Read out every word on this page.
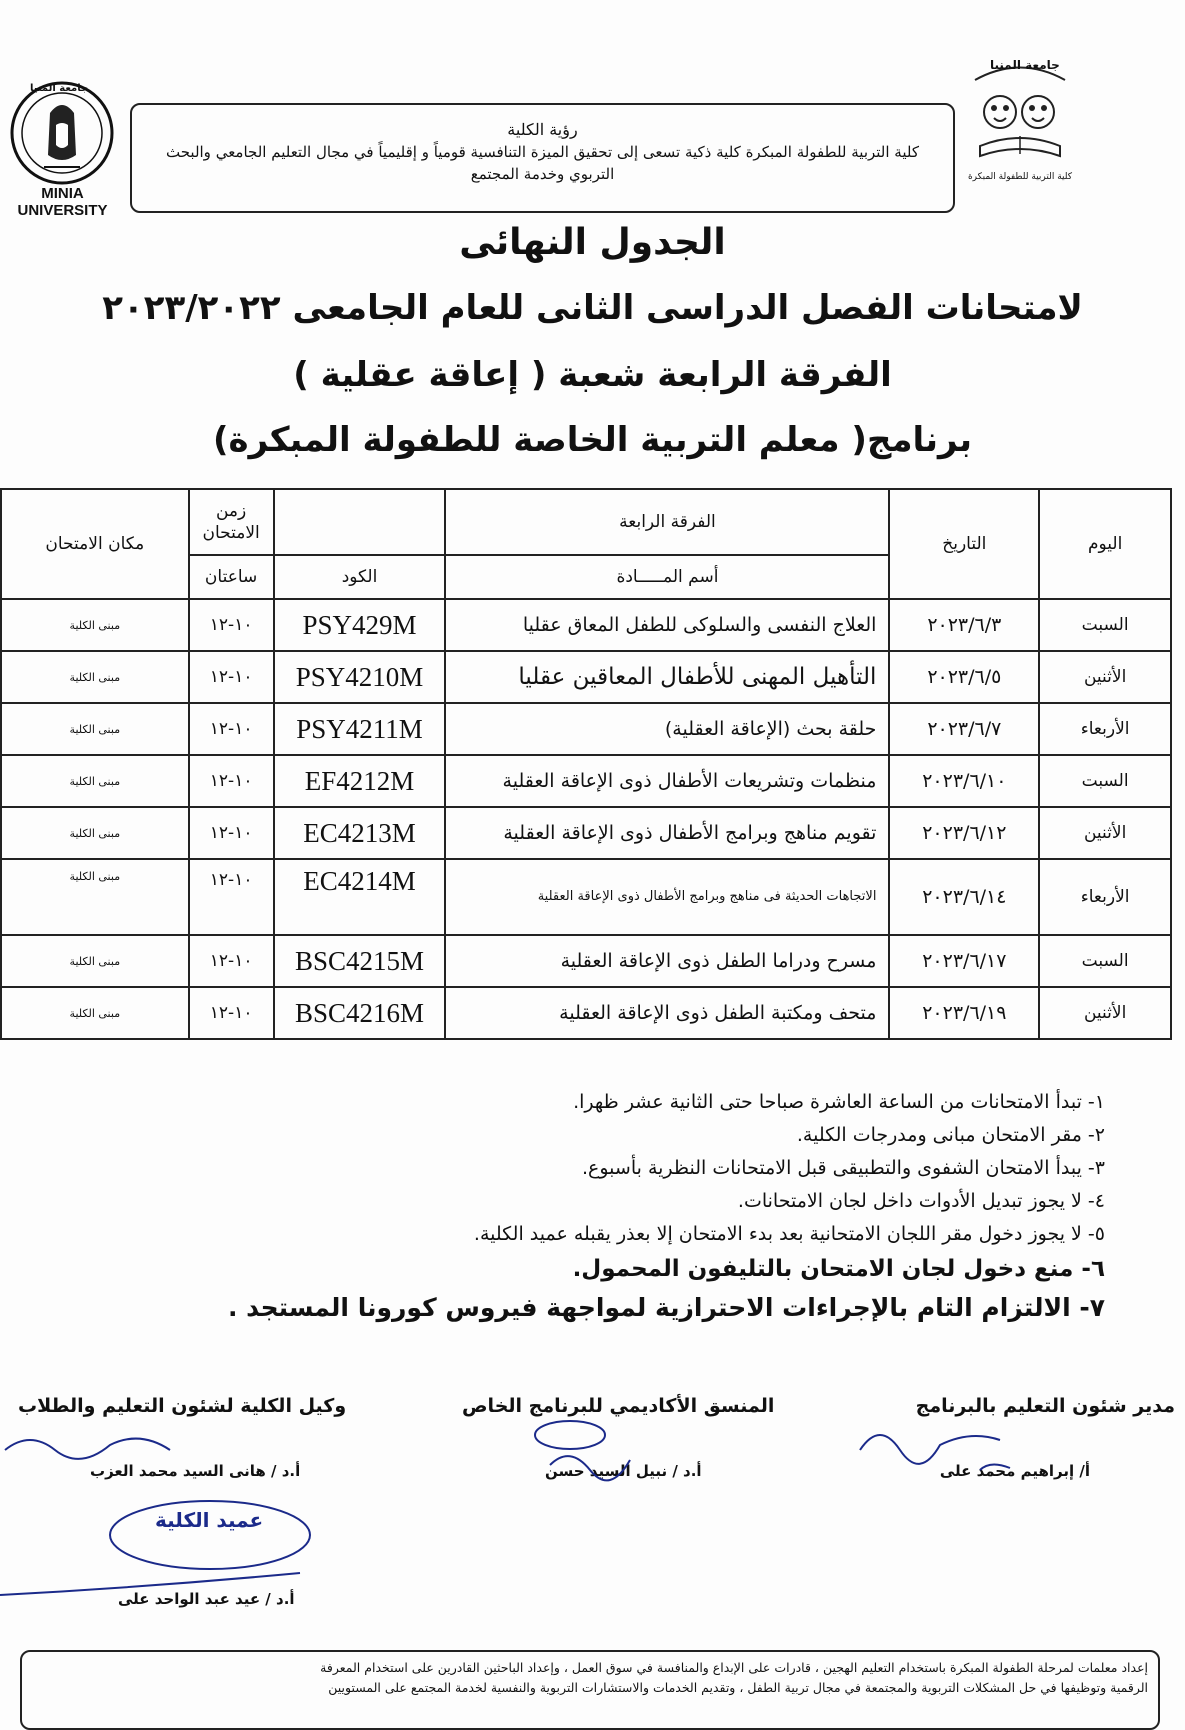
جامعة المنيا
MINIA UNIVERSITY
جامعة المنيا
كلية التربية للطفولة المبكرة
رؤية الكلية
كلية التربية للطفولة المبكرة كلية ذكية تسعى إلى تحقيق الميزة التنافسية قومياً و إقليمياً في مجال التعليم الجامعي والبحث
التربوي وخدمة المجتمع
الجدول النهائى
لامتحانات الفصل الدراسى الثانى للعام الجامعى ٢٠٢٣/٢٠٢٢
الفرقة الرابعة شعبة ( إعاقة عقلية )
برنامج( معلم التربية الخاصة للطفولة المبكرة)
اليوم	التاريخ	الفرقة الرابعة		زمن الامتحان	مكان الامتحان
		أسم المـــــادة	الكود	ساعتان	
السبت	٢٠٢٣/٦/٣	العلاج النفسى والسلوكى للطفل المعاق عقليا	PSY429M	١٠-١٢	مبنى الكلية
الأثنين	٢٠٢٣/٦/٥	التأهيل المهنى للأطفال المعاقين عقليا	PSY4210M	١٠-١٢	مبنى الكلية
الأربعاء	٢٠٢٣/٦/٧	حلقة بحث (الإعاقة العقلية)	PSY4211M	١٠-١٢	مبنى الكلية
السبت	٢٠٢٣/٦/١٠	منظمات وتشريعات الأطفال ذوى الإعاقة العقلية	EF4212M	١٠-١٢	مبنى الكلية
الأثنين	٢٠٢٣/٦/١٢	تقويم مناهج وبرامج الأطفال ذوى الإعاقة العقلية	EC4213M	١٠-١٢	مبنى الكلية
الأربعاء	٢٠٢٣/٦/١٤	الاتجاهات الحديثة فى مناهج وبرامج الأطفال ذوى الإعاقة العقلية	EC4214M	١٠-١٢	مبنى الكلية
السبت	٢٠٢٣/٦/١٧	مسرح ودراما الطفل ذوى الإعاقة العقلية	BSC4215M	١٠-١٢	مبنى الكلية
الأثنين	٢٠٢٣/٦/١٩	متحف ومكتبة الطفل ذوى الإعاقة العقلية	BSC4216M	١٠-١٢	مبنى الكلية
١- تبدأ الامتحانات من الساعة العاشرة صباحا حتى الثانية عشر ظهرا.
٢- مقر الامتحان مبانى ومدرجات الكلية.
٣- يبدأ الامتحان الشفوى والتطبيقى قبل الامتحانات النظرية بأسبوع.
٤- لا يجوز تبديل الأدوات داخل لجان الامتحانات.
٥- لا يجوز دخول مقر اللجان الامتحانية بعد بدء الامتحان إلا بعذر يقبله عميد الكلية.
٦- منع دخول لجان الامتحان بالتليفون المحمول.
٧- الالتزام التام بالإجراءات الاحترازية لمواجهة فيروس كورونا المستجد .
مدير شئون التعليم بالبرنامج
أ/ إبراهيم محمد على
المنسق الأكاديمي للبرنامج الخاص
أ.د / نبيل السيد حسن
وكيل الكلية لشئون التعليم والطلاب
أ.د / هانى السيد محمد العزب
عميد الكلية
أ.د / عيد عبد الواحد على
إعداد معلمات لمرحلة الطفولة المبكرة باستخدام التعليم الهجين ، قادرات على الإبداع والمنافسة في سوق العمل ، وإعداد الباحثين القادرين على استخدام المعرفة
الرقمية وتوظيفها في حل المشكلات التربوية والمجتمعة في مجال تربية الطفل ، وتقديم الخدمات والاستشارات التربوية والنفسية لخدمة المجتمع على المستويين
